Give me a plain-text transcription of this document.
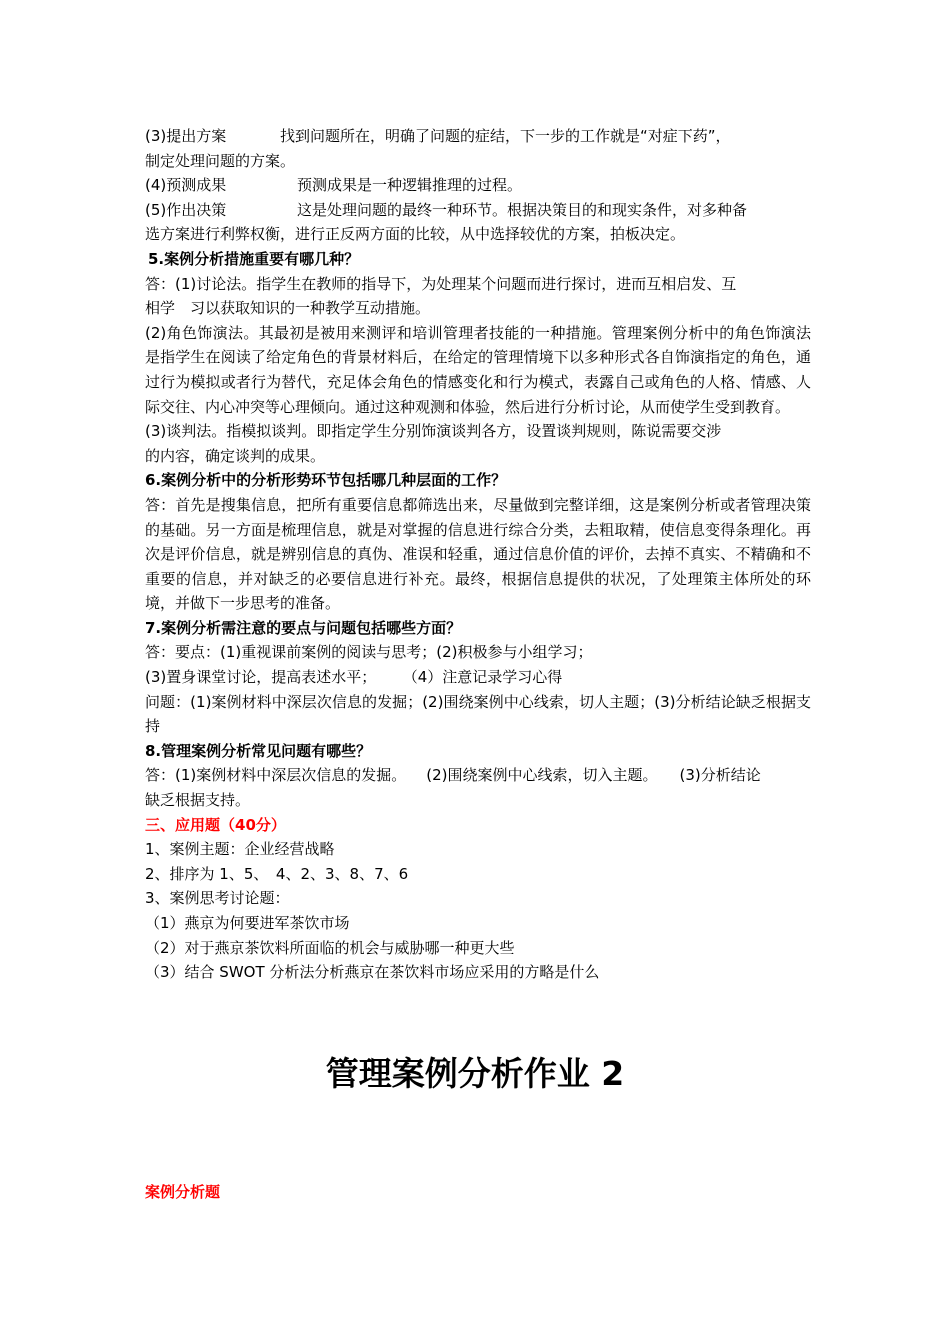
(3)提出方案	找到问题所在，明确了问题的症结，下一步的工作就是“对症下药”，

制定处理问题的方案。

(4)预测成果	预测成果是一种逻辑推理的过程。

(5)作出决策	这是处理问题的最终一种环节。根据决策目的和现实条件，对多种备

选方案进行利弊权衡，进行正反两方面的比较，从中选择较优的方案，拍板决定。

5.案例分析措施重要有哪几种？

答：(1)讨论法。指学生在教师的指导下，为处理某个问题而进行探讨，进而互相启发、互

相学　习以获取知识的一种教学互动措施。

(2)角色饰演法。其最初是被用来测评和培训管理者技能的一种措施。管理案例分析中的角色饰演法是指学生在阅读了给定角色的背景材料后，在给定的管理情境下以多种形式各自饰演指定的角色，通过行为模拟或者行为替代，充足体会角色的情感变化和行为模式，表露自己或角色的人格、情感、人际交往、内心冲突等心理倾向。通过这种观测和体验，然后进行分析讨论，从而使学生受到教育。

(3)谈判法。指模拟谈判。即指定学生分别饰演谈判各方，设置谈判规则，陈说需要交涉

的内容，确定谈判的成果。

6.案例分析中的分析形势环节包括哪几种层面的工作？

答：首先是搜集信息，把所有重要信息都筛选出来，尽量做到完整详细，这是案例分析或者管理决策的基础。另一方面是梳理信息，就是对掌握的信息进行综合分类，去粗取精，使信息变得条理化。再次是评价信息，就是辨别信息的真伪、准误和轻重，通过信息价值的评价，去掉不真实、不精确和不重要的信息，并对缺乏的必要信息进行补充。最终，根据信息提供的状况，了处理策主体所处的环境，并做下一步思考的准备。

7.案例分析需注意的要点与问题包括哪些方面？

答：要点：(1)重视课前案例的阅读与思考；(2)积极参与小组学习；

(3)置身课堂讨论，提高表述水平； （4）注意记录学习心得

问题：(1)案例材料中深层次信息的发掘；(2)围绕案例中心线索，切人主题；(3)分析结论缺乏根据支持

8.管理案例分析常见问题有哪些？

答：(1)案例材料中深层次信息的发掘。 (2)围绕案例中心线索，切入主题。 (3)分析结论

缺乏根据支持。

三、应用题（40分）

1、案例主题：企业经营战略

2、排序为 1、5、　4、2、3、8、7、6

3、案例思考讨论题：

（1）燕京为何要进军茶饮市场

（2）对于燕京茶饮料所面临的机会与威胁哪一种更大些

（3）结合 SWOT 分析法分析燕京在茶饮料市场应采用的方略是什么

管理案例分析作业 2
案例分析题
